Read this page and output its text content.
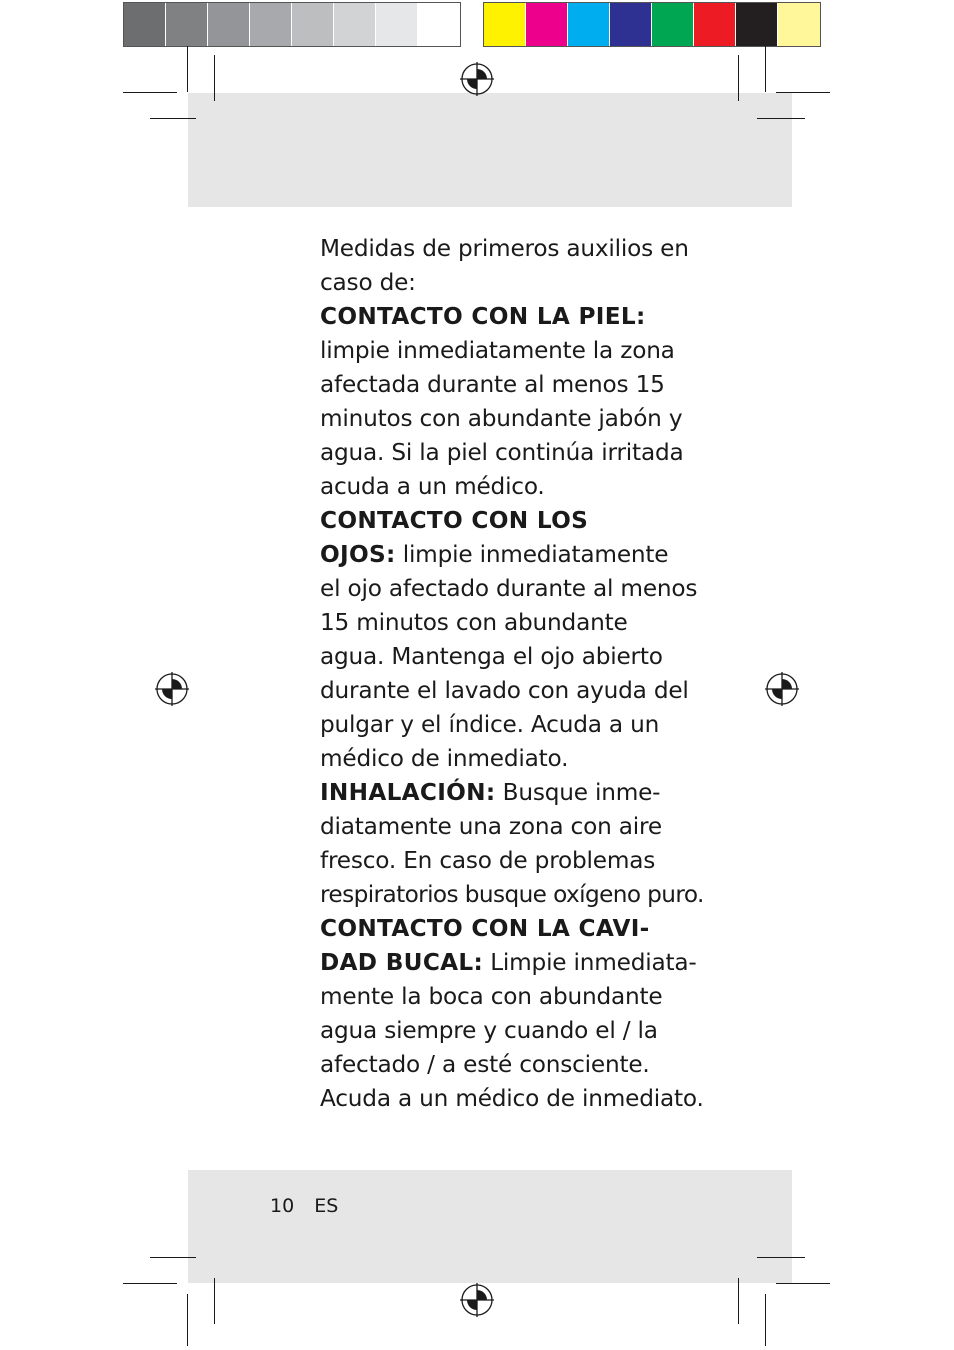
Medidas de primeros auxilios en
caso de:
CONTACTO CON LA PIEL:
limpie inmediatamente la zona
afectada durante al menos 15
minutos con abundante jabón y
agua. Si la piel continúa irritada
acuda a un médico.
CONTACTO CON LOS
OJOS: limpie inmediatamente
el ojo afectado durante al menos
15 minutos con abundante
agua. Mantenga el ojo abierto
durante el lavado con ayuda del
pulgar y el índice. Acuda a un
médico de inmediato.
INHALACIÓN: Busque inme-
diatamente una zona con aire
fresco. En caso de problemas
respiratorios busque oxígeno puro.
CONTACTO CON LA CAVI-
DAD BUCAL: Limpie inmediata-
mente la boca con abundante
agua siempre y cuando el / la
afectado / a esté consciente.
Acuda a un médico de inmediato.
10 ES
